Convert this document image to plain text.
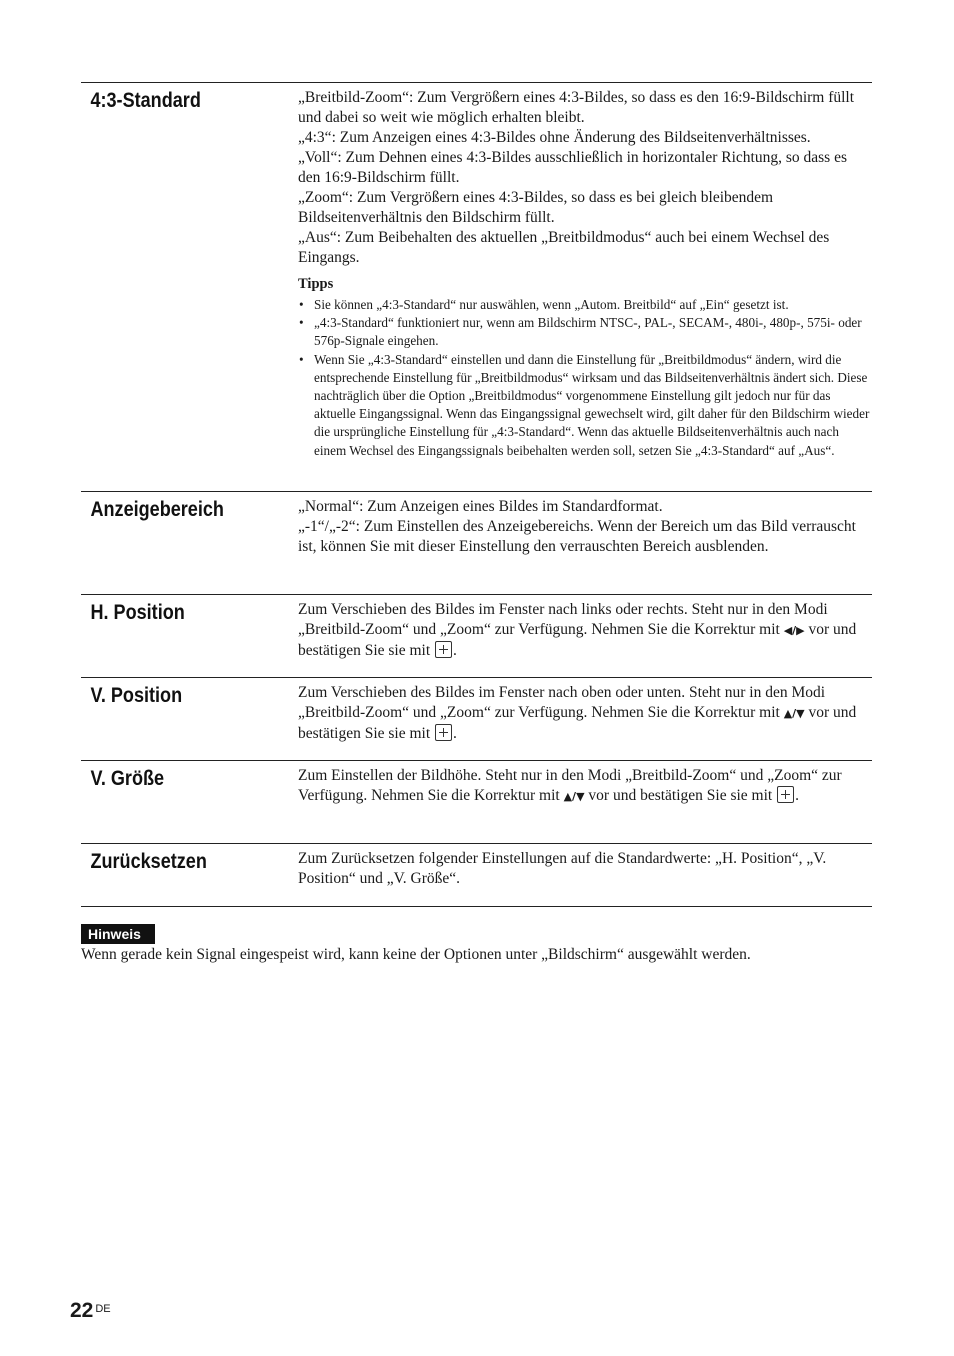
4:3-Standard	„Breitbild-Zoom“: Zum Vergrößern eines 4:3-Bildes, so dass es den 16:9-Bildschirm füllt und dabei so weit wie möglich erhalten bleibt.

„4:3“: Zum Anzeigen eines 4:3-Bildes ohne Änderung des Bildseitenverhältnisses.

„Voll“: Zum Dehnen eines 4:3-Bildes ausschließlich in horizontaler Richtung, so dass es den 16:9-Bildschirm füllt.

„Zoom“: Zum Vergrößern eines 4:3-Bildes, so dass es bei gleich bleibendem Bildseitenverhältnis den Bildschirm füllt.

„Aus“: Zum Beibehalten des aktuellen „Breitbildmodus“ auch bei einem Wechsel des Eingangs.

Tipps
• Sie können „4:3-Standard“ nur auswählen, wenn „Autom. Breitbild“ auf „Ein“ gesetzt ist.
• „4:3-Standard“ funktioniert nur, wenn am Bildschirm NTSC-, PAL-, SECAM-, 480i-, 480p-, 575i- oder 576p-Signale eingehen.
• Wenn Sie „4:3-Standard“ einstellen und dann die Einstellung für „Breitbildmodus“ ändern, wird die entsprechende Einstellung für „Breitbildmodus“ wirksam und das Bildseitenverhältnis ändert sich. Diese nachträglich über die Option „Breitbildmodus“ vorgenommene Einstellung gilt jedoch nur für das aktuelle Eingangssignal. Wenn das Eingangssignal gewechselt wird, gilt daher für den Bildschirm wieder die ursprüngliche Einstellung für „4:3-Standard“. Wenn das aktuelle Bildseitenverhältnis auch nach einem Wechsel des Eingangssignals beibehalten werden soll, setzen Sie „4:3-Standard“ auf „Aus“.
Anzeigebereich	„Normal“: Zum Anzeigen eines Bildes im Standardformat.

„-1“/„-2“: Zum Einstellen des Anzeigebereichs. Wenn der Bereich um das Bild verrauscht ist, können Sie mit dieser Einstellung den verrauschten Bereich ausblenden.

H. Position	Zum Verschieben des Bildes im Fenster nach links oder rechts. Steht nur in den Modi „Breitbild-Zoom“ und „Zoom“ zur Verfügung. Nehmen Sie die Korrektur mit ◀/▶ vor und bestätigen Sie sie mit .

V. Position	Zum Verschieben des Bildes im Fenster nach oben oder unten. Steht nur in den Modi „Breitbild-Zoom“ und „Zoom“ zur Verfügung. Nehmen Sie die Korrektur mit ▲/▼ vor und bestätigen Sie sie mit .

V. Größe	Zum Einstellen der Bildhöhe. Steht nur in den Modi „Breitbild-Zoom“ und „Zoom“ zur Verfügung. Nehmen Sie die Korrektur mit ▲/▼ vor und bestätigen Sie sie mit .

Zurücksetzen	Zum Zurücksetzen folgender Einstellungen auf die Standardwerte: „H. Position“, „V. Position“ und „V. Größe“.

Hinweis
Wenn gerade kein Signal eingespeist wird, kann keine der Optionen unter „Bildschirm“ ausgewählt werden.
22 $^{DE}$
